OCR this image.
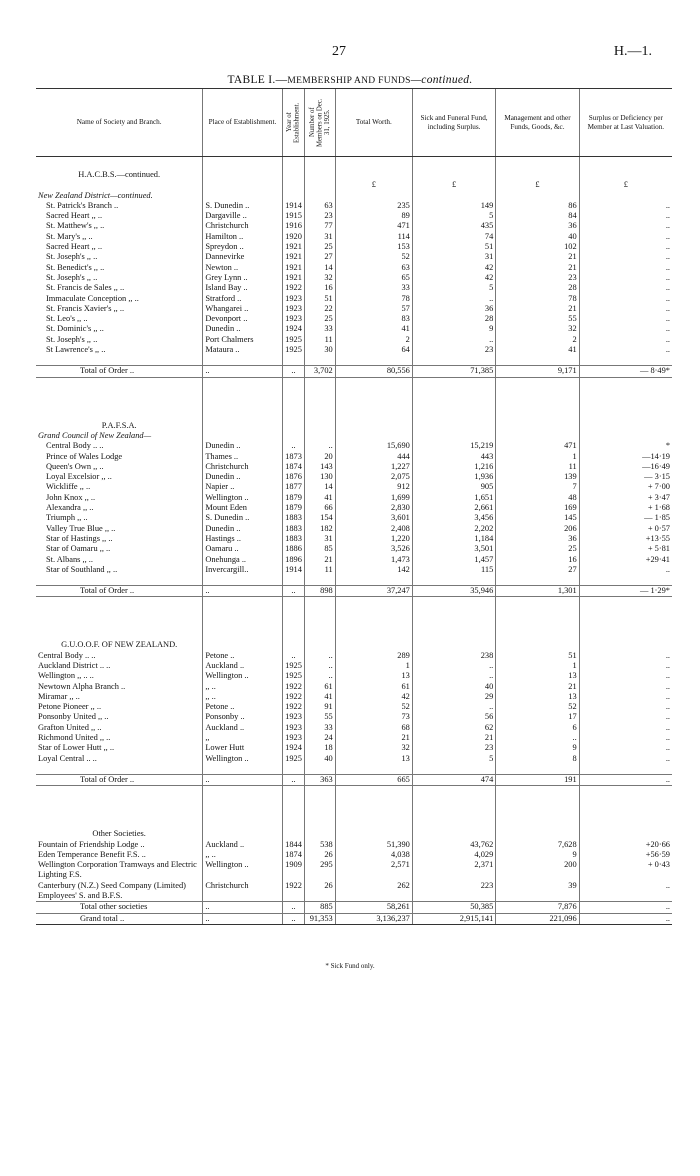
27	H.—1.
TABLE I.—MEMBERSHIP AND FUNDS—continued.
Name of Society and Branch.	Place of Establishment.	Year of Establishment.	Number of Members on Dec. 31, 1925.	Total Worth.	Sick and Funeral Fund, including Surplus.	Management and other Funds, Goods, &c.	Surplus or Deficiency per Member at Last Valuation.

H.A.C.B.S.—continued.							
				£	£	£	£
New Zealand District—continued.							
St. Patrick's Branch ..	S. Dunedin ..	1914	63	235	149	86	..
Sacred Heart ,, ..	Dargaville ..	1915	23	89	5	84	..
St. Matthew's ,, ..	Christchurch	1916	77	471	435	36	..
St. Mary's ,, ..	Hamilton ..	1920	31	114	74	40	..
Sacred Heart ,, ..	Spreydon ..	1921	25	153	51	102	..
St. Joseph's ,, ..	Dannevirke	1921	27	52	31	21	..
St. Benedict's ,, ..	Newton ..	1921	14	63	42	21	..
St. Joseph's ,, ..	Grey Lynn ..	1921	32	65	42	23	..
St. Francis de Sales ,, ..	Island Bay ..	1922	16	33	5	28	..
Immaculate Conception ,, ..	Stratford ..	1923	51	78	..	78	..
St. Francis Xavier's ,, ..	Whangarei ..	1923	22	57	36	21	..
St. Leo's ,, ..	Devonport ..	1923	25	83	28	55	..
St. Dominic's ,, ..	Dunedin ..	1924	33	41	9	32	..
St. Joseph's ,, ..	Port Chalmers	1925	11	2	..	2	..
St Lawrence's ,, ..	Mataura ..	1925	30	64	23	41	..

Total of Order ..	..	..	3,702	80,556	71,385	9,171	— 8·49*

P.A.F.S.A.							
Grand Council of New Zealand—							
Central Body .. ..	Dunedin ..	..	..	15,690	15,219	471	*
Prince of Wales Lodge	Thames ..	1873	20	444	443	1	—14·19
Queen's Own ,, ..	Christchurch	1874	143	1,227	1,216	11	—16·49
Loyal Excelsior ,, ..	Dunedin ..	1876	130	2,075	1,936	139	— 3·15
Wickliffe ,, ..	Napier ..	1877	14	912	905	7	+ 7·00
John Knox ,, ..	Wellington ..	1879	41	1,699	1,651	48	+ 3·47
Alexandra ,, ..	Mount Eden	1879	66	2,830	2,661	169	+ 1·68
Triumph ,, ..	S. Dunedin ..	1883	154	3,601	3,456	145	— 1·85
Valley True Blue ,, ..	Dunedin ..	1883	182	2,408	2,202	206	+ 0·57
Star of Hastings ,, ..	Hastings ..	1883	31	1,220	1,184	36	+13·55
Star of Oamaru ,, ..	Oamaru ..	1886	85	3,526	3,501	25	+ 5·81
St. Albans ,, ..	Onehunga ..	1896	21	1,473	1,457	16	+29·41
Star of Southland ,, ..	Invercargill..	1914	11	142	115	27	..

Total of Order ..	..	..	898	37,247	35,946	1,301	— 1·29*

G.U.O.O.F. OF NEW ZEALAND.							
Central Body .. ..	Petone ..	..	..	289	238	51	..
Auckland District .. ..	Auckland ..	1925	..	1	..	1	..
Wellington ,, .. ..	Wellington ..	1925	..	13	..	13	..
Newtown Alpha Branch ..	,, ..	1922	61	61	40	21	..
Miramar ,, ..	,, ..	1922	41	42	29	13	..
Petone Pioneer ,, ..	Petone ..	1922	91	52	..	52	..
Ponsonby United ,, ..	Ponsonby ..	1923	55	73	56	17	..
Grafton United ,, ..	Auckland ..	1923	33	68	62	6	..
Richmond United ,, ..	,,	1923	24	21	21	..	..
Star of Lower Hutt ,, ..	Lower Hutt	1924	18	32	23	9	..
Loyal Central .. ..	Wellington ..	1925	40	13	5	8	..

Total of Order ..	..	..	363	665	474	191	..

Other Societies.							
Fountain of Friendship Lodge ..	Auckland ..	1844	538	51,390	43,762	7,628	+20·66
Eden Temperance Benefit F.S. ..	,, ..	1874	26	4,038	4,029	9	+56·59
Wellington Corporation Tramways and Electric Lighting F.S.	Wellington ..	1909	295	2,571	2,371	200	+ 0·43
Canterbury (N.Z.) Seed Company (Limited) Employees' S. and B.F.S.	Christchurch	1922	26	262	223	39	..
Total other societies	..	..	885	58,261	50,385	7,876	..
Grand total ..	..	..	91,353	3,136,237	2,915,141	221,096	..
* Sick Fund only.
